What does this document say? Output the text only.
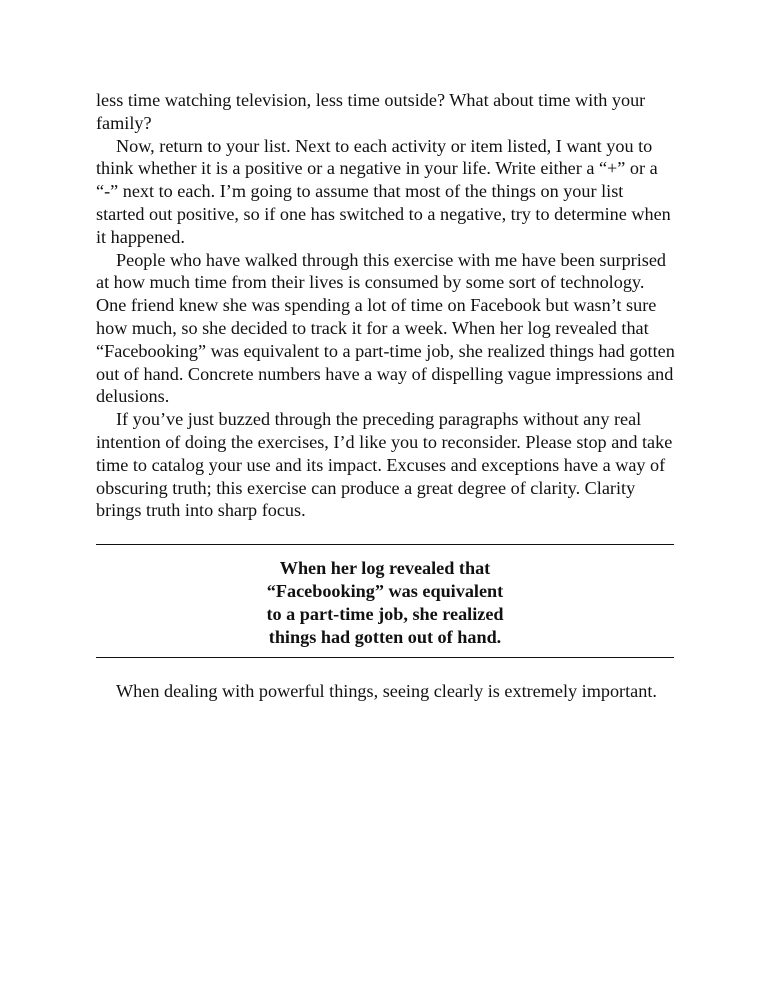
less time watching television, less time outside? What about time with your family?

Now, return to your list. Next to each activity or item listed, I want you to think whether it is a positive or a negative in your life. Write either a “+” or a “-” next to each. I’m going to assume that most of the things on your list started out positive, so if one has switched to a negative, try to determine when it happened.

People who have walked through this exercise with me have been surprised at how much time from their lives is consumed by some sort of technology. One friend knew she was spending a lot of time on Facebook but wasn’t sure how much, so she decided to track it for a week. When her log revealed that “Facebooking” was equivalent to a part-time job, she realized things had gotten out of hand. Concrete numbers have a way of dispelling vague impressions and delusions.

If you’ve just buzzed through the preceding paragraphs without any real intention of doing the exercises, I’d like you to reconsider. Please stop and take time to catalog your use and its impact. Excuses and exceptions have a way of obscuring truth; this exercise can produce a great degree of clarity. Clarity brings truth into sharp focus.

When her log revealed that
“Facebooking” was equivalent
to a part-time job, she realized
things had gotten out of hand.

When dealing with powerful things, seeing clearly is extremely important.
